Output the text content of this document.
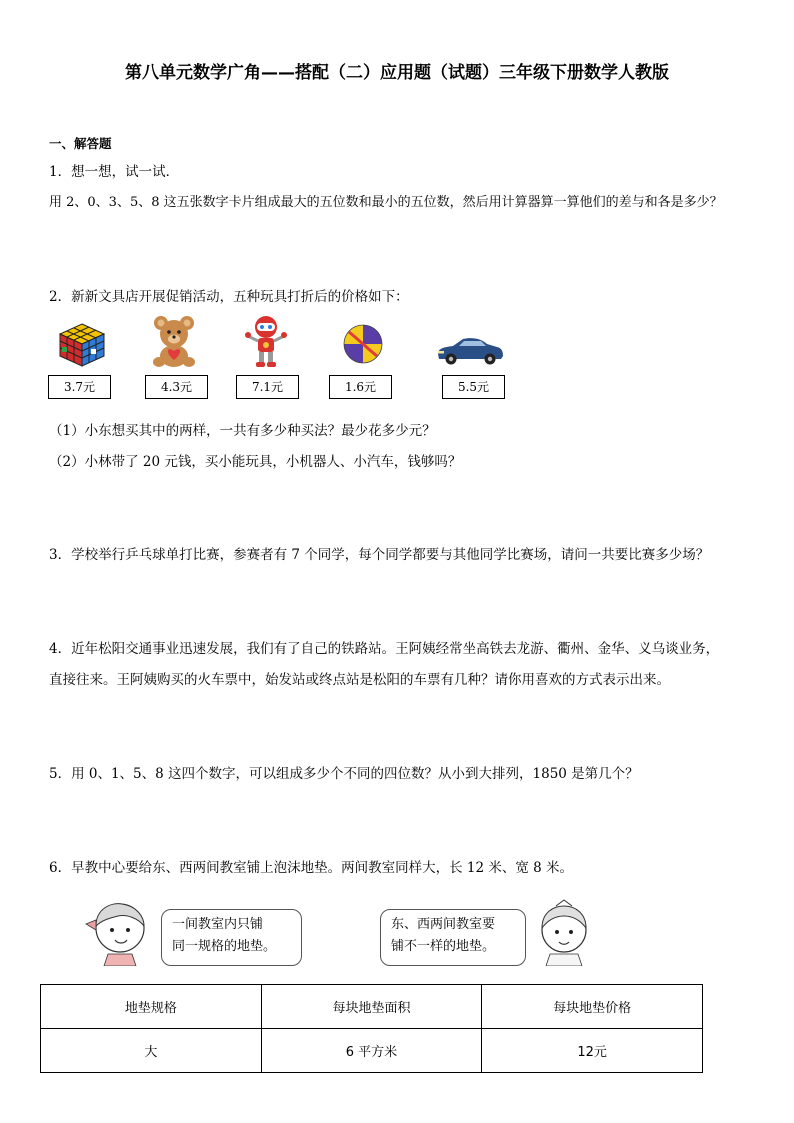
第八单元数学广角——搭配（二）应用题（试题）三年级下册数学人教版
一、解答题
1．想一想，试一试．
用 2、0、3、5、8 这五张数字卡片组成最大的五位数和最小的五位数，然后用计算器算一算他们的差与和各是多少？
2．新新文具店开展促销活动，五种玩具打折后的价格如下：
3.7元	4.3元	7.1元	1.6元	5.5元
（1）小东想买其中的两样，一共有多少种买法？最少花多少元？
（2）小林带了 20 元钱，买小能玩具，小机器人、小汽车，钱够吗？
3．学校举行乒乓球单打比赛，参赛者有 7 个同学，每个同学都要与其他同学比赛场，请问一共要比赛多少场？
4．近年松阳交通事业迅速发展，我们有了自己的铁路站。王阿姨经常坐高铁去龙游、衢州、金华、义乌谈业务，
直接往来。王阿姨购买的火车票中，始发站或终点站是松阳的车票有几种？请你用喜欢的方式表示出来。
5．用 0、1、5、8 这四个数字，可以组成多少个不同的四位数？从小到大排列，1850 是第几个？
6．早教中心要给东、西两间教室铺上泡沫地垫。两间教室同样大，长 12 米、宽 8 米。
一间教室内只铺
同一规格的地垫。
东、西两间教室要
铺不一样的地垫。
地垫规格	每块地垫面积	每块地垫价格
大	6 平方米	12元
